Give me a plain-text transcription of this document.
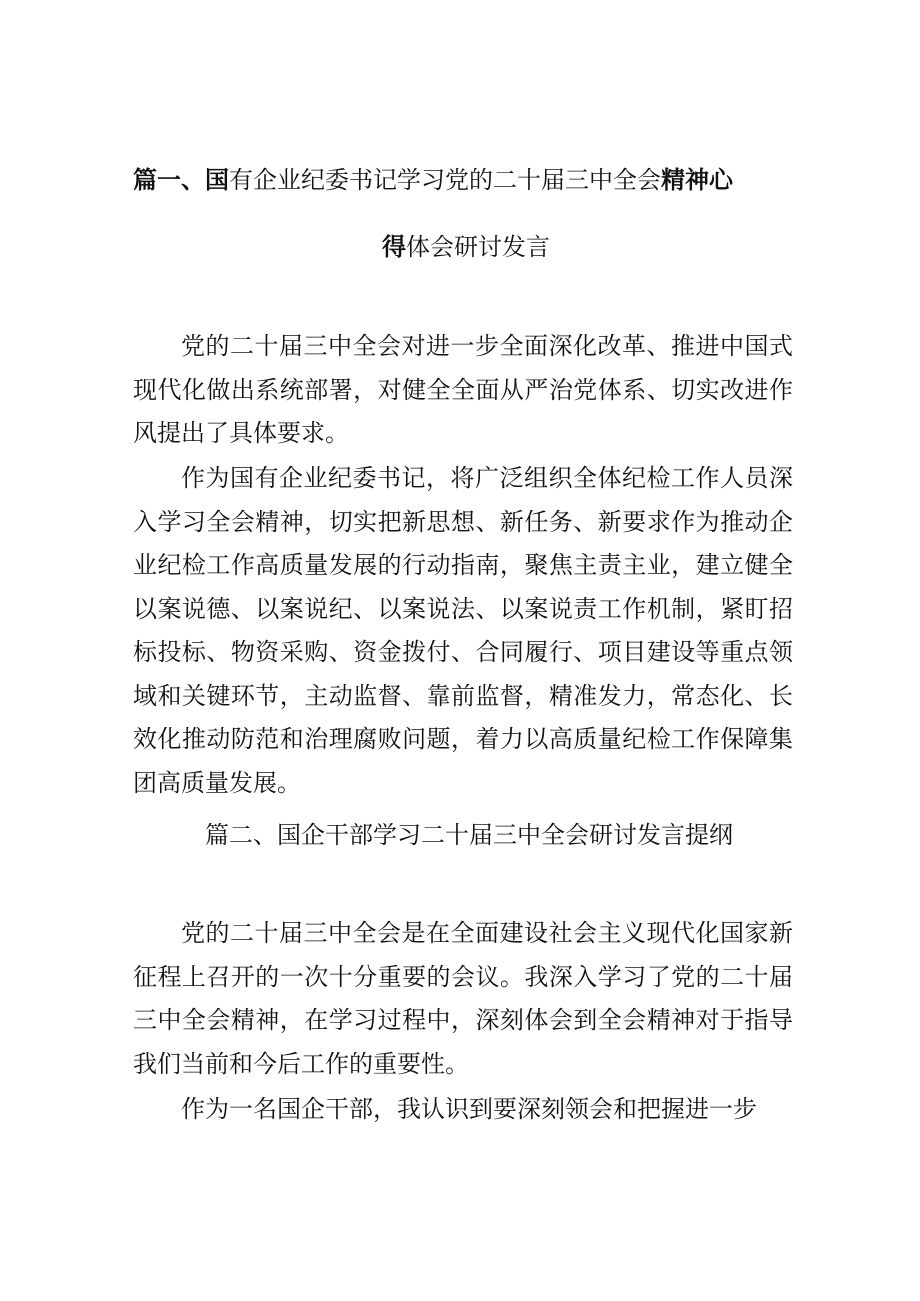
篇一、国有企业纪委书记学习党的二十届三中全会精神心
得体会研讨发言

党的二十届三中全会对进一步全面深化改革、推进中国式现代化做出系统部署，对健全全面从严治党体系、切实改进作风提出了具体要求。

作为国有企业纪委书记，将广泛组织全体纪检工作人员深入学习全会精神，切实把新思想、新任务、新要求作为推动企业纪检工作高质量发展的行动指南，聚焦主责主业，建立健全以案说德、以案说纪、以案说法、以案说责工作机制，紧盯招标投标、物资采购、资金拨付、合同履行、项目建设等重点领域和关键环节，主动监督、靠前监督，精准发力，常态化、长效化推动防范和治理腐败问题，着力以高质量纪检工作保障集团高质量发展。

篇二、国企干部学习二十届三中全会研讨发言提纲

党的二十届三中全会是在全面建设社会主义现代化国家新征程上召开的一次十分重要的会议。我深入学习了党的二十届三中全会精神，在学习过程中，深刻体会到全会精神对于指导我们当前和今后工作的重要性。

作为一名国企干部，我认识到要深刻领会和把握进一步
